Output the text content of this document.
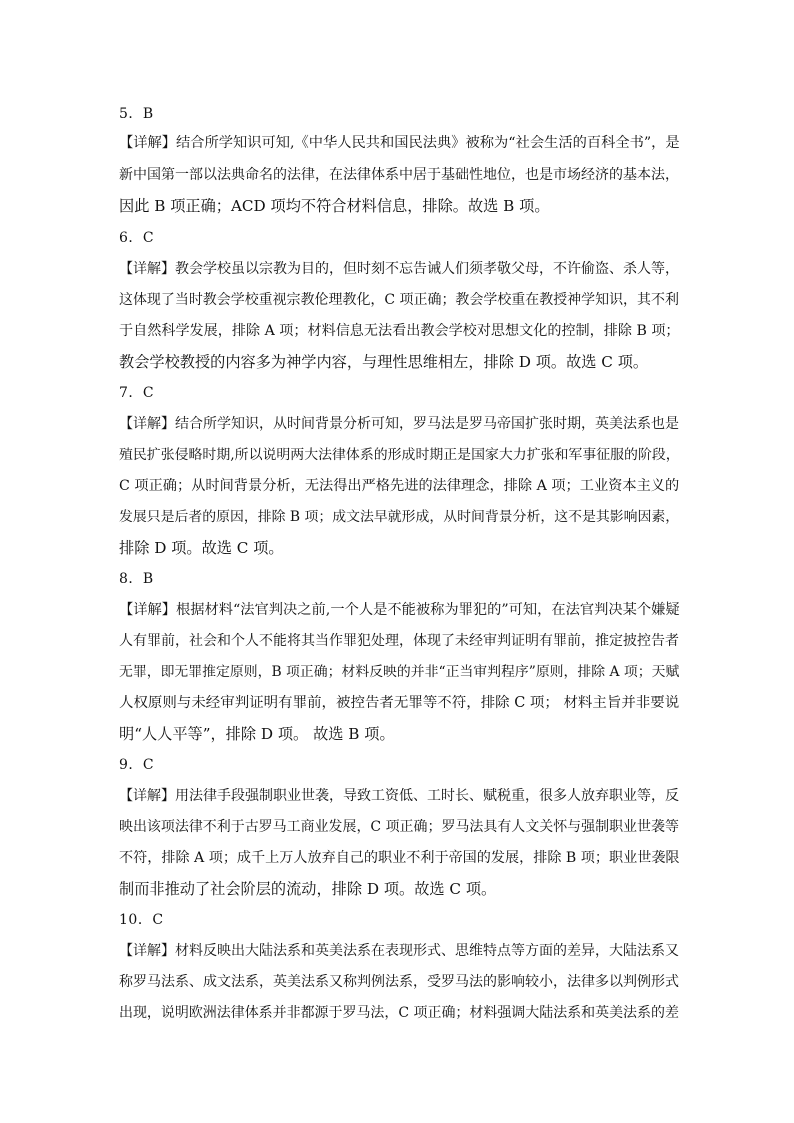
5．B
【详解】结合所学知识可知,《中华人民共和国民法典》被称为“社会生活的百科全书”，是
新中国第一部以法典命名的法律，在法律体系中居于基础性地位，也是市场经济的基本法，
因此 B 项正确；ACD 项均不符合材料信息，排除。故选 B 项。
6．C
【详解】教会学校虽以宗教为目的，但时刻不忘告诫人们须孝敬父母，不许偷盗、杀人等，
这体现了当时教会学校重视宗教伦理教化，C 项正确；教会学校重在教授神学知识，其不利
于自然科学发展，排除 A 项；材料信息无法看出教会学校对思想文化的控制，排除 B 项；
教会学校教授的内容多为神学内容，与理性思维相左，排除 D 项。故选 C 项。
7．C
【详解】结合所学知识，从时间背景分析可知，罗马法是罗马帝国扩张时期，英美法系也是
殖民扩张侵略时期,所以说明两大法律体系的形成时期正是国家大力扩张和军事征服的阶段，
C 项正确；从时间背景分析，无法得出严格先进的法律理念，排除 A 项；工业资本主义的
发展只是后者的原因，排除 B 项；成文法早就形成，从时间背景分析，这不是其影响因素，
排除 D 项。故选 C 项。
8．B
【详解】根据材料“法官判决之前,一个人是不能被称为罪犯的”可知，在法官判决某个嫌疑
人有罪前，社会和个人不能将其当作罪犯处理，体现了未经审判证明有罪前，推定披控告者
无罪，即无罪推定原则，B 项正确；材料反映的并非“正当审判程序”原则，排除 A 项；天赋
人权原则与未经审判证明有罪前，被控告者无罪等不符，排除 C 项； 材料主旨并非要说
明“人人平等”，排除 D 项。 故选 B 项。
9．C
【详解】用法律手段强制职业世袭，导致工资低、工时长、赋税重，很多人放弃职业等，反
映出该项法律不利于古罗马工商业发展，C 项正确；罗马法具有人文关怀与强制职业世袭等
不符，排除 A 项；成千上万人放弃自己的职业不利于帝国的发展，排除 B 项；职业世袭限
制而非推动了社会阶层的流动，排除 D 项。故选 C 项。
10．C
【详解】材料反映出大陆法系和英美法系在表现形式、思维特点等方面的差异，大陆法系又
称罗马法系、成文法系，英美法系又称判例法系，受罗马法的影响较小，法律多以判例形式
出现，说明欧洲法律体系并非都源于罗马法，C 项正确；材料强调大陆法系和英美法系的差
